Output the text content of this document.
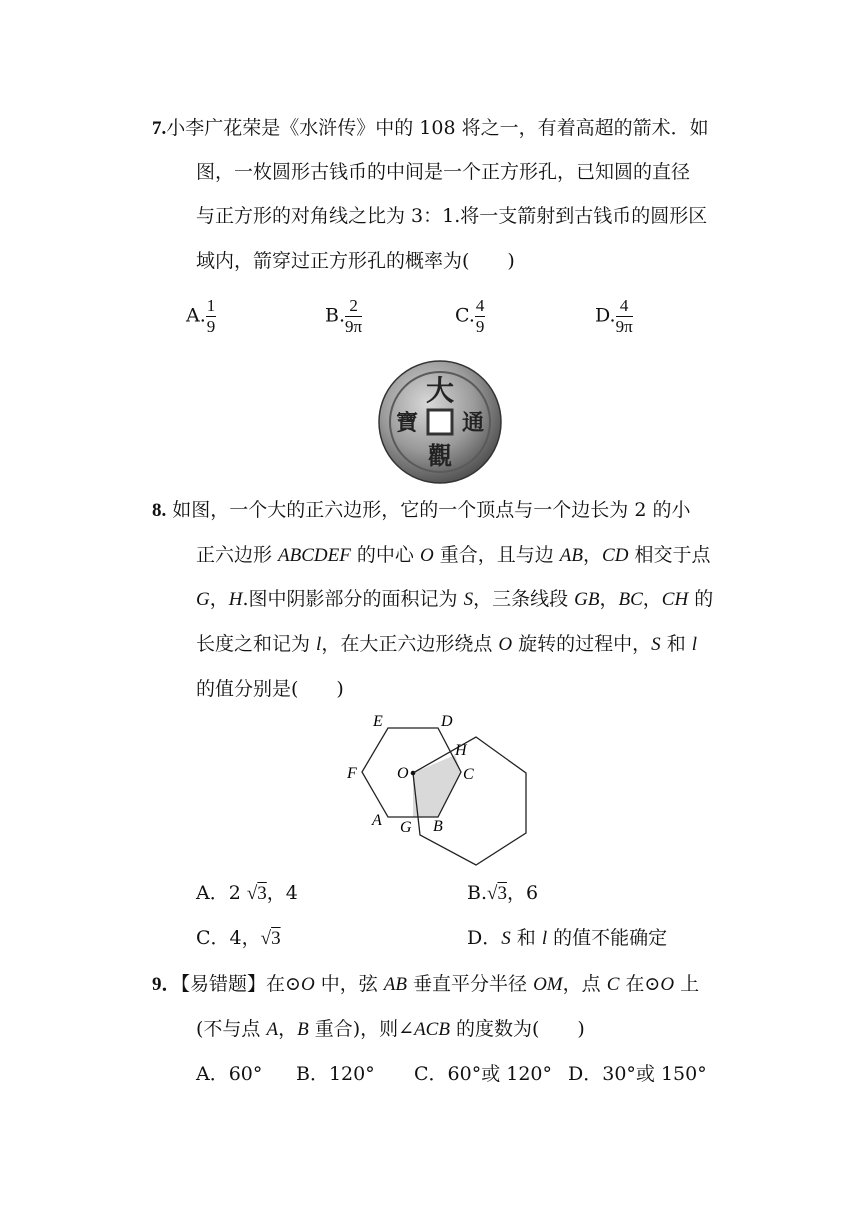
7.小李广花荣是《水浒传》中的 108 将之一，有着高超的箭术．如
图，一枚圆形古钱币的中间是一个正方形孔，已知圆的直径
与正方形的对角线之比为 3：1.将一支箭射到古钱币的圆形区
域内，箭穿过正方形孔的概率为(　　)
A. $\frac{1}{9}$	B. $\frac{2}{9\pi}$	C. $\frac{4}{9}$	D. $\frac{4}{9\pi}$
大
觀
通
寶
8. 如图，一个大的正六边形，它的一个顶点与一个边长为 2 的小
正六边形 ABCDEF 的中心 O 重合，且与边 AB，CD 相交于点
G，H.图中阴影部分的面积记为 S，三条线段 GB，BC，CH 的
长度之和记为 l，在大正六边形绕点 O 旋转的过程中，S 和 l
的值分别是(　　)
E	D
H
F	O	C
A G B
A．2 √3，4	B.√3，6
C．4，√3	D．S 和 l 的值不能确定
9．【易错题】在⊙O 中，弦 AB 垂直平分半径 OM，点 C 在⊙O 上
(不与点 A，B 重合)，则∠ACB 的度数为(　　)
A．60° B．120° C．60°或 120° D．30°或 150°
